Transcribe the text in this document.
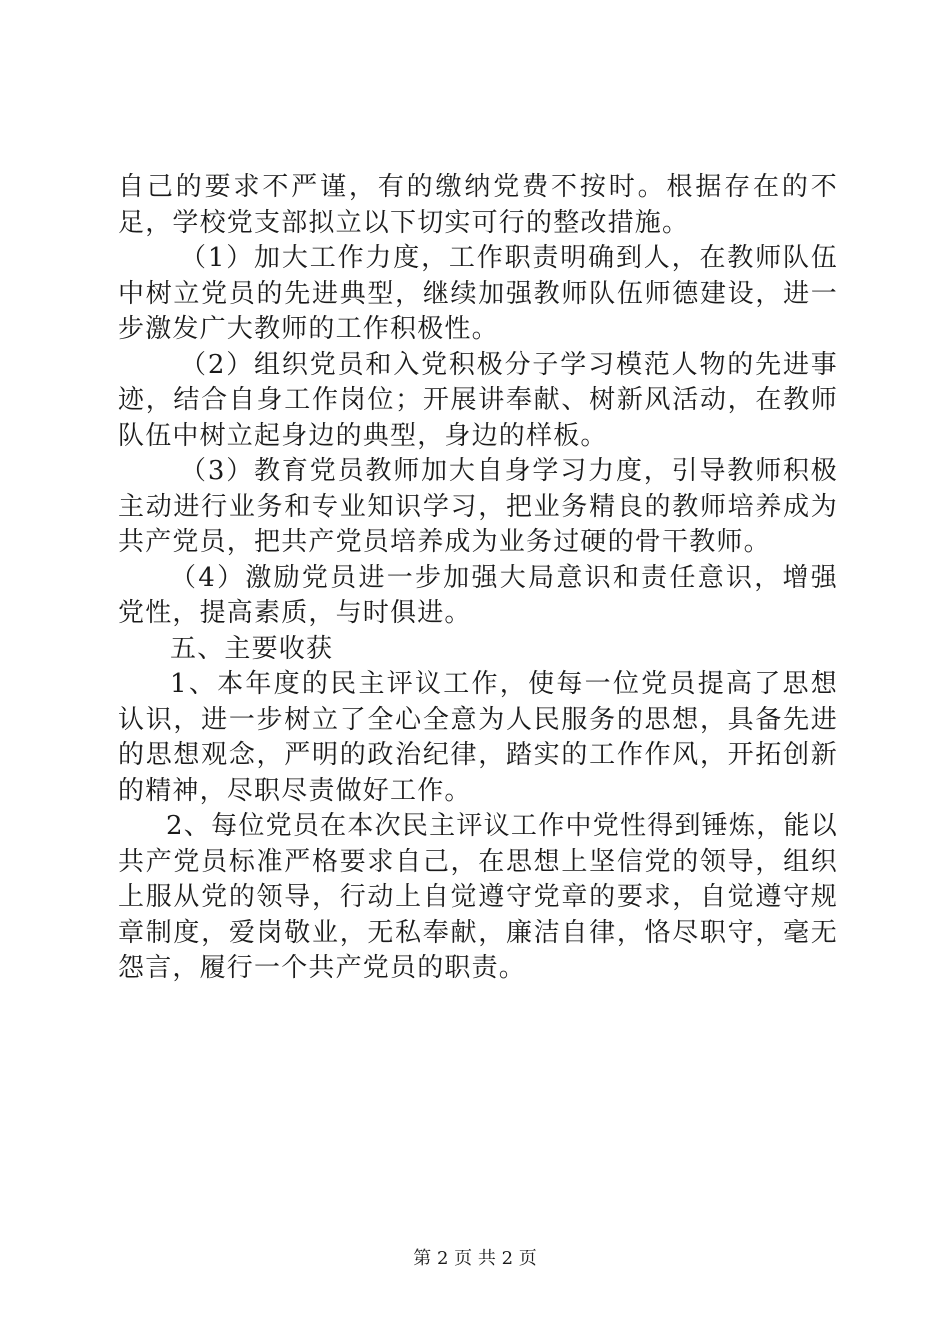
自己的要求不严谨，有的缴纳党费不按时。根据存在的不足，学校党支部拟立以下切实可行的整改措施。

（1）加大工作力度，工作职责明确到人，在教师队伍中树立党员的先进典型，继续加强教师队伍师德建设，进一步激发广大教师的工作积极性。

（2）组织党员和入党积极分子学习模范人物的先进事迹，结合自身工作岗位；开展讲奉献、树新风活动，在教师队伍中树立起身边的典型，身边的样板。

（3）教育党员教师加大自身学习力度，引导教师积极主动进行业务和专业知识学习，把业务精良的教师培养成为共产党员，把共产党员培养成为业务过硬的骨干教师。

（4）激励党员进一步加强大局意识和责任意识，增强党性，提高素质，与时俱进。

五、主要收获

1、本年度的民主评议工作，使每一位党员提高了思想认识，进一步树立了全心全意为人民服务的思想，具备先进的思想观念，严明的政治纪律，踏实的工作作风，开拓创新的精神，尽职尽责做好工作。

2、每位党员在本次民主评议工作中党性得到锤炼，能以共产党员标准严格要求自己，在思想上坚信党的领导，组织上服从党的领导，行动上自觉遵守党章的要求，自觉遵守规章制度，爱岗敬业，无私奉献，廉洁自律，恪尽职守，毫无怨言，履行一个共产党员的职责。

第 2 页 共 2 页
